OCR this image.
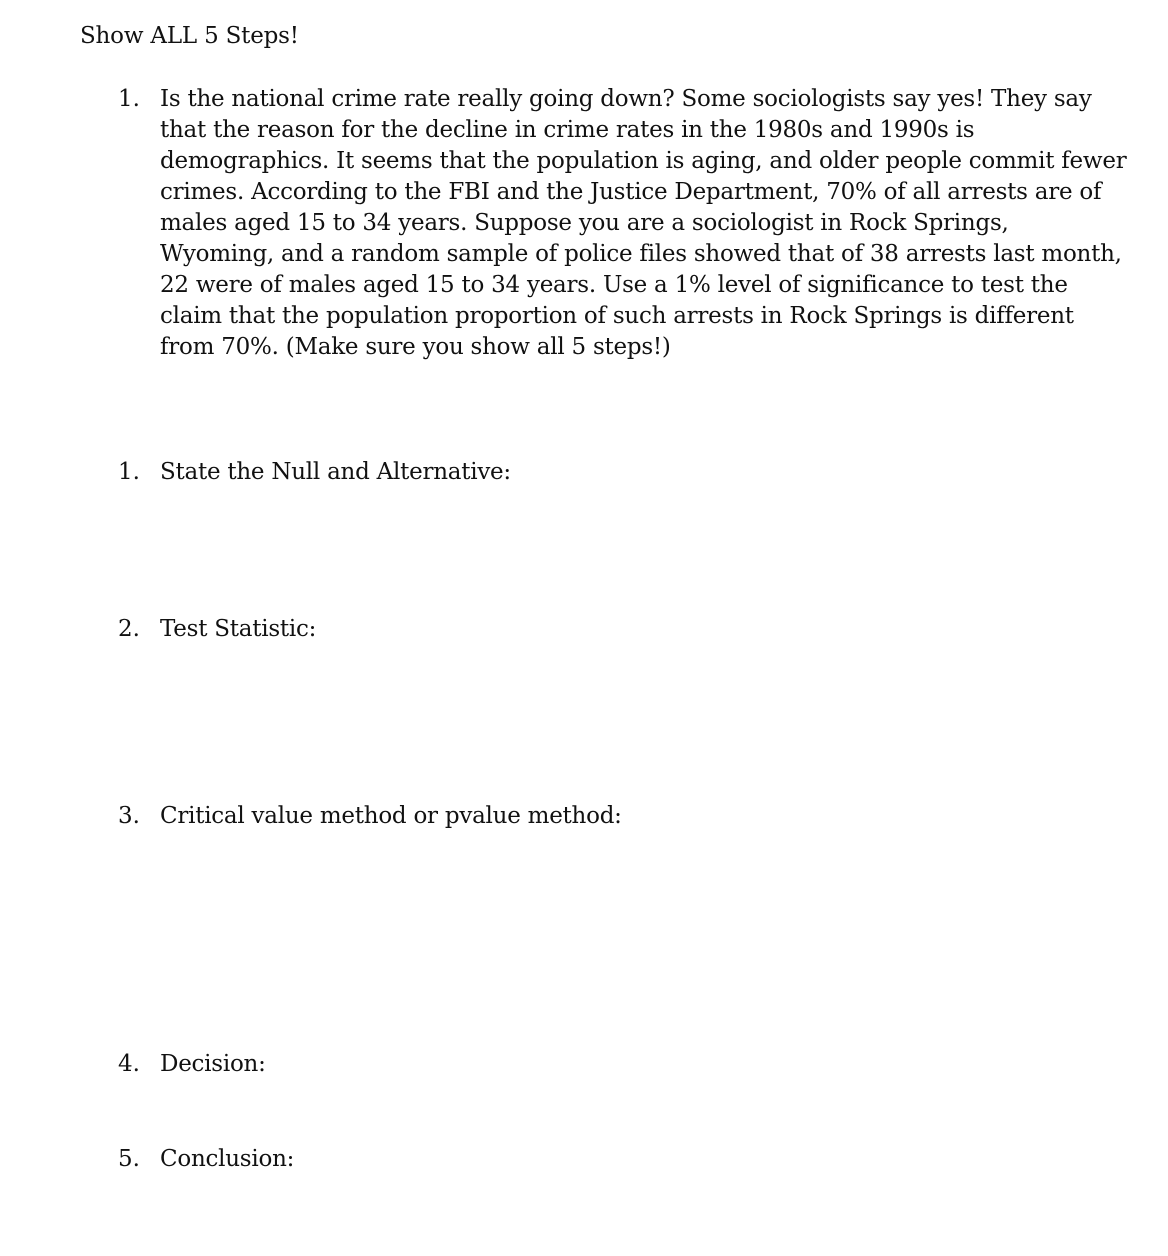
Show ALL 5 Steps!
1. Is the national crime rate really going down? Some sociologists say yes! They say that the reason for the decline in crime rates in the 1980s and 1990s is demographics. It seems that the population is aging, and older people commit fewer crimes. According to the FBI and the Justice Department, 70% of all arrests are of males aged 15 to 34 years. Suppose you are a sociologist in Rock Springs, Wyoming, and a random sample of police files showed that of 38 arrests last month, 22 were of males aged 15 to 34 years. Use a 1% level of significance to test the claim that the population proportion of such arrests in Rock Springs is different from 70%. (Make sure you show all 5 steps!)
1. State the Null and Alternative:
2. Test Statistic:
3. Critical value method or pvalue method:
4. Decision:
5. Conclusion:
